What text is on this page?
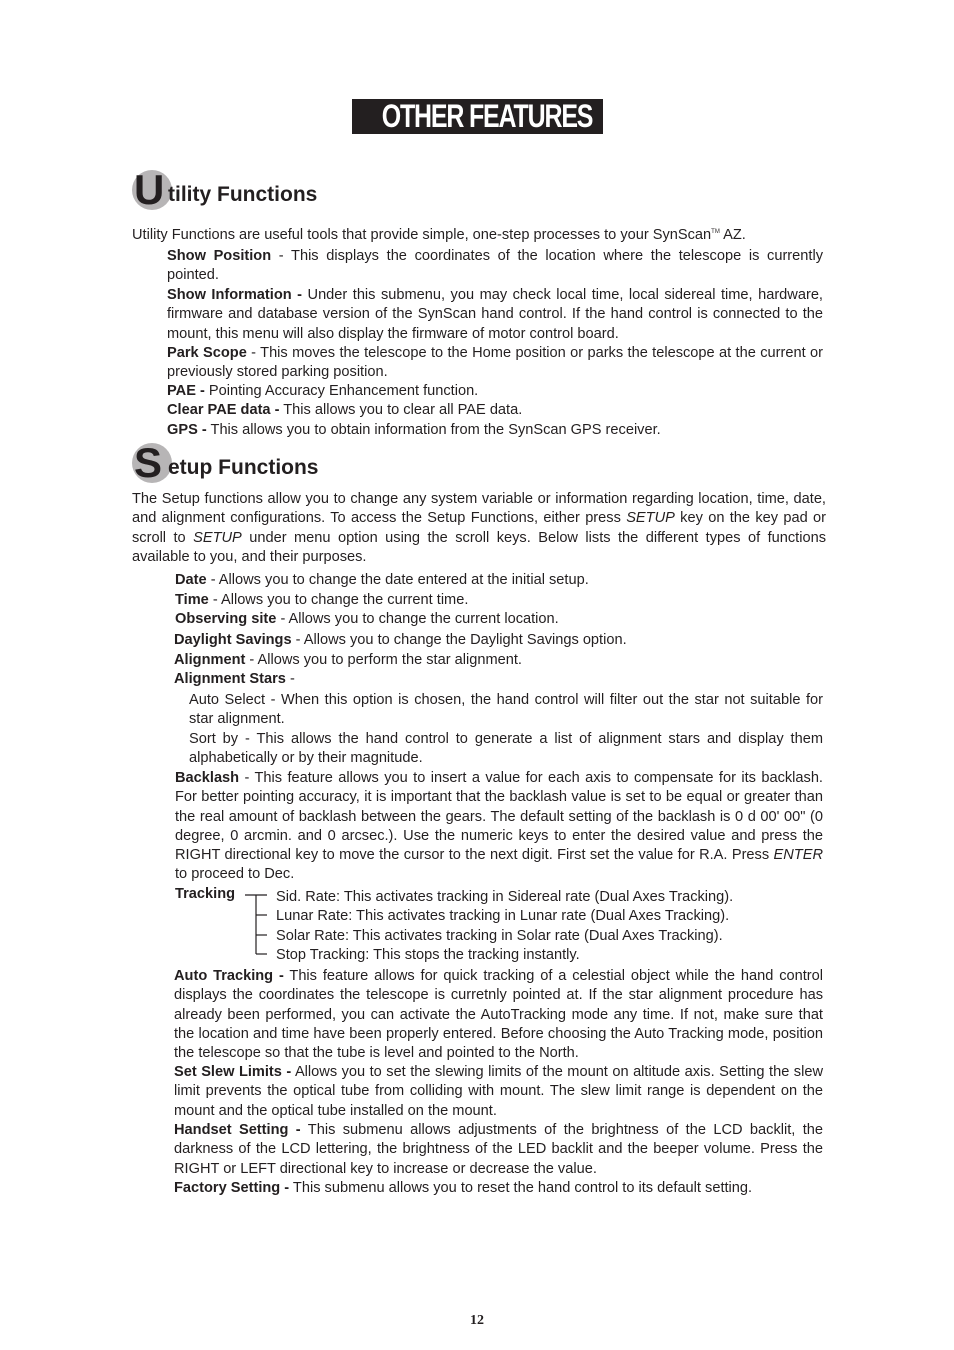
OTHER FEATURES
U tility Functions
Utility Functions are useful tools that provide simple, one-step processes to your SynScan™ AZ.
Show Position - This displays the coordinates of the location where the telescope is currently pointed.
Show Information - Under this submenu, you may check local time, local sidereal time, hardware, firmware and database version of the SynScan hand control. If the hand control is connected to the mount, this menu will also display the firmware of motor control board.
Park Scope - This moves the telescope to the Home position or parks the telescope at the current or previously stored parking position.
PAE - Pointing Accuracy Enhancement function.
Clear PAE data - This allows you to clear all PAE data.
GPS - This allows you to obtain information from the SynScan GPS receiver.
S etup Functions
The Setup functions allow you to change any system variable or information regarding location, time, date, and alignment configurations. To access the Setup Functions, either press SETUP key on the key pad or scroll to SETUP under menu option using the scroll keys. Below lists the different types of functions available to you, and their purposes.
Date - Allows you to change the date entered at the initial setup.
Time - Allows you to change the current time.
Observing site - Allows you to change the current location.
Daylight Savings - Allows you to change the Daylight Savings option.
Alignment - Allows you to perform the star alignment.
Alignment Stars -
Auto Select - When this option is chosen, the hand control will filter out the star not suitable for star alignment.
Sort by - This allows the hand control to generate a list of alignment stars and display them alphabetically or by their magnitude.
Backlash - This feature allows you to insert a value for each axis to compensate for its backlash. For better pointing accuracy, it is important that the backlash value is set to be equal or greater than the real amount of backlash between the gears. The default setting of the backlash is 0 d 00' 00" (0 degree, 0 arcmin. and 0 arcsec.). Use the numeric keys to enter the desired value and press the RIGHT directional key to move the cursor to the next digit. First set the value for R.A. Press ENTER to proceed to Dec.
Tracking	Sid. Rate: This activates tracking in Sidereal rate (Dual Axes Tracking).
Lunar Rate: This activates tracking in Lunar rate (Dual Axes Tracking).
Solar Rate: This activates tracking in Solar rate (Dual Axes Tracking).
Stop Tracking: This stops the tracking instantly.
Auto Tracking - This feature allows for quick tracking of a celestial object while the hand control displays the coordinates the telescope is curretnly pointed at. If the star alignment procedure has already been performed, you can activate the AutoTracking mode any time. If not, make sure that the location and time have been properly entered. Before choosing the Auto Tracking mode, position the telescope so that the tube is level and pointed to the North.
Set Slew Limits - Allows you to set the slewing limits of the mount on altitude axis. Setting the slew limit prevents the optical tube from colliding with mount. The slew limit range is dependent on the mount and the optical tube installed on the mount.
Handset Setting - This submenu allows adjustments of the brightness of the LCD backlit, the darkness of the LCD lettering, the brightness of the LED backlit and the beeper volume. Press the RIGHT or LEFT directional key to increase or decrease the value.
Factory Setting - This submenu allows you to reset the hand control to its default setting.
12
